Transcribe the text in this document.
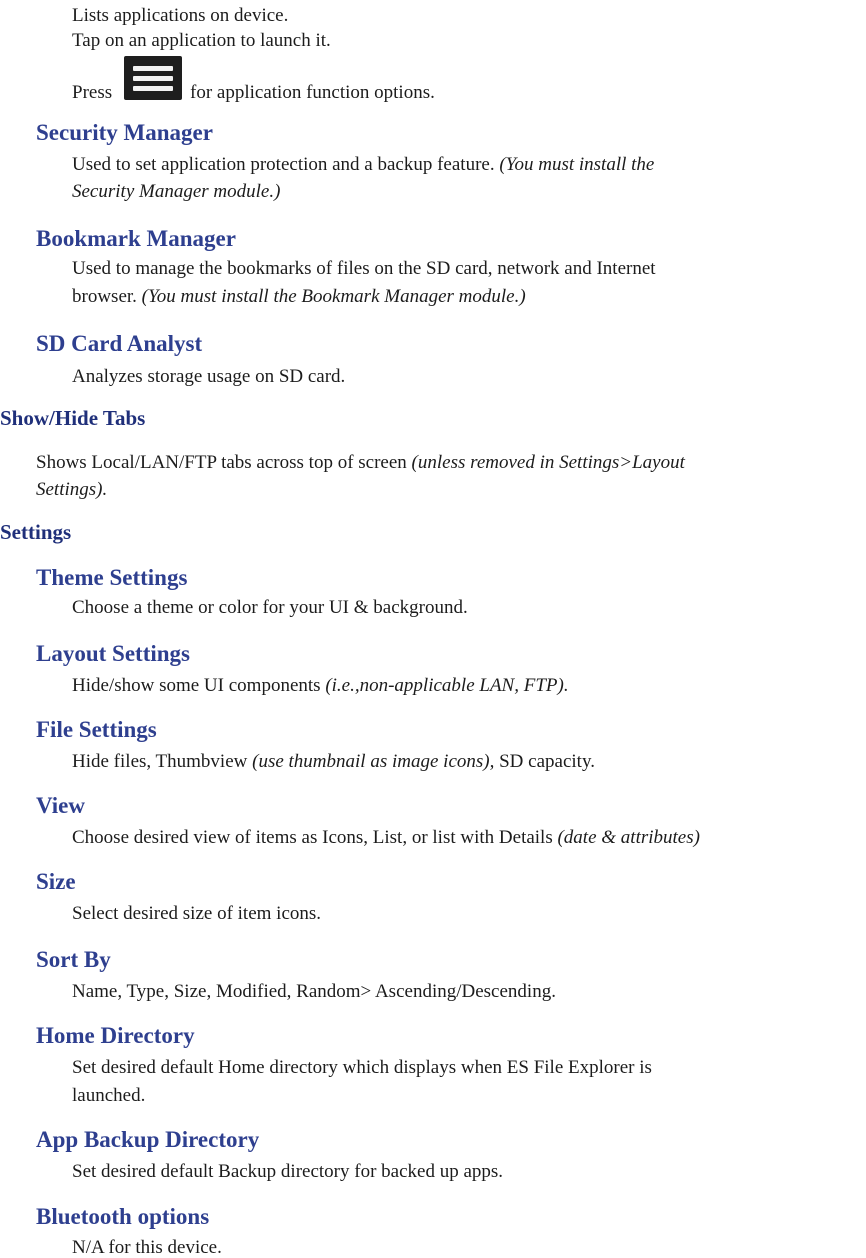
Lists applications on device.
Tap on an application to launch it.
Press	for application function options.
Security Manager
Used to set application protection and a backup feature. (You must install the
Security Manager module.)
Bookmark Manager
Used to manage the bookmarks of files on the SD card, network and Internet
browser. (You must install the Bookmark Manager module.)
SD Card Analyst
Analyzes storage usage on SD card.
Show/Hide Tabs
Shows Local/LAN/FTP tabs across top of screen (unless removed in Settings>Layout
Settings).
Settings
Theme Settings
Choose a theme or color for your UI & background.
Layout Settings
Hide/show some UI components (i.e.,non-applicable LAN, FTP).
File Settings
Hide files, Thumbview (use thumbnail as image icons), SD capacity.
View
Choose desired view of items as Icons, List, or list with Details (date & attributes)
Size
Select desired size of item icons.
Sort By
Name, Type, Size, Modified, Random> Ascending/Descending.
Home Directory
Set desired default Home directory which displays when ES File Explorer is
launched.
App Backup Directory
Set desired default Backup directory for backed up apps.
Bluetooth options
N/A for this device.
